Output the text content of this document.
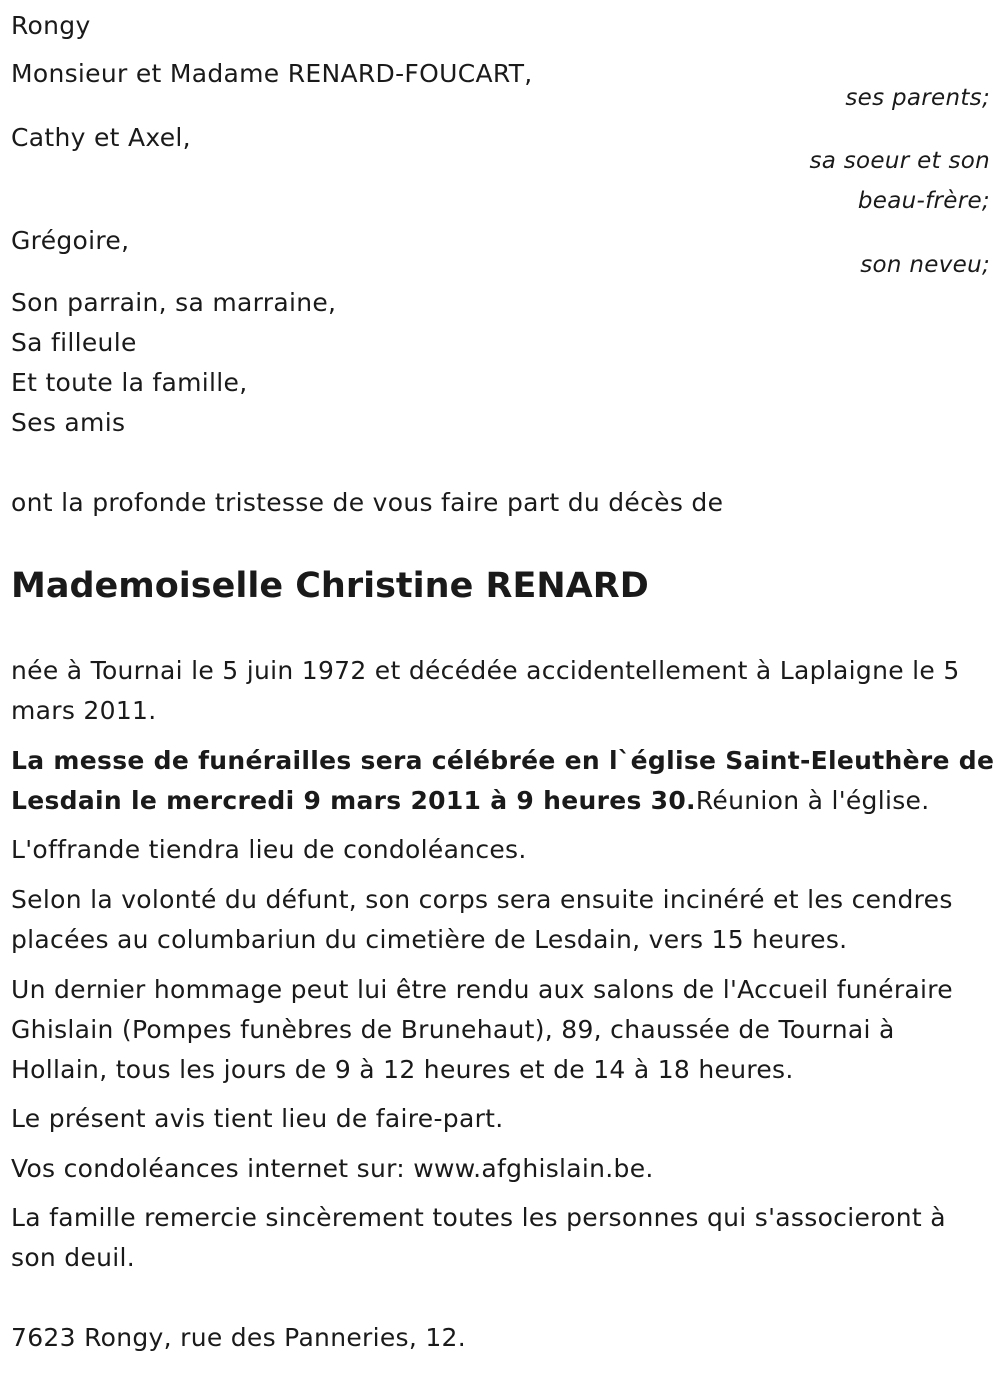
Rongy
Monsieur et Madame RENARD-FOUCART,
ses parents;
Cathy et Axel,
sa soeur et son
beau-frère;
Grégoire,
son neveu;
Son parrain, sa marraine,
Sa filleule
Et toute la famille,
Ses amis
ont la profonde tristesse de vous faire part du décès de
Mademoiselle Christine RENARD
née à Tournai le 5 juin 1972 et décédée accidentellement à Laplaigne le 5 mars 2011.
La messe de funérailles sera célébrée en l`église Saint-Eleuthère de Lesdain le mercredi 9 mars 2011 à 9 heures 30.Réunion à l'église.
L'offrande tiendra lieu de condoléances.
Selon la volonté du défunt, son corps sera ensuite incinéré et les cendres placées au columbariun du cimetière de Lesdain, vers 15 heures.
Un dernier hommage peut lui être rendu aux salons de l'Accueil funéraire Ghislain (Pompes funèbres de Brunehaut), 89, chaussée de Tournai à Hollain, tous les jours de 9 à 12 heures et de 14 à 18 heures.
Le présent avis tient lieu de faire-part.
Vos condoléances internet sur: www.afghislain.be.
La famille remercie sincèrement toutes les personnes qui s'associeront à son deuil.
7623 Rongy, rue des Panneries, 12.
